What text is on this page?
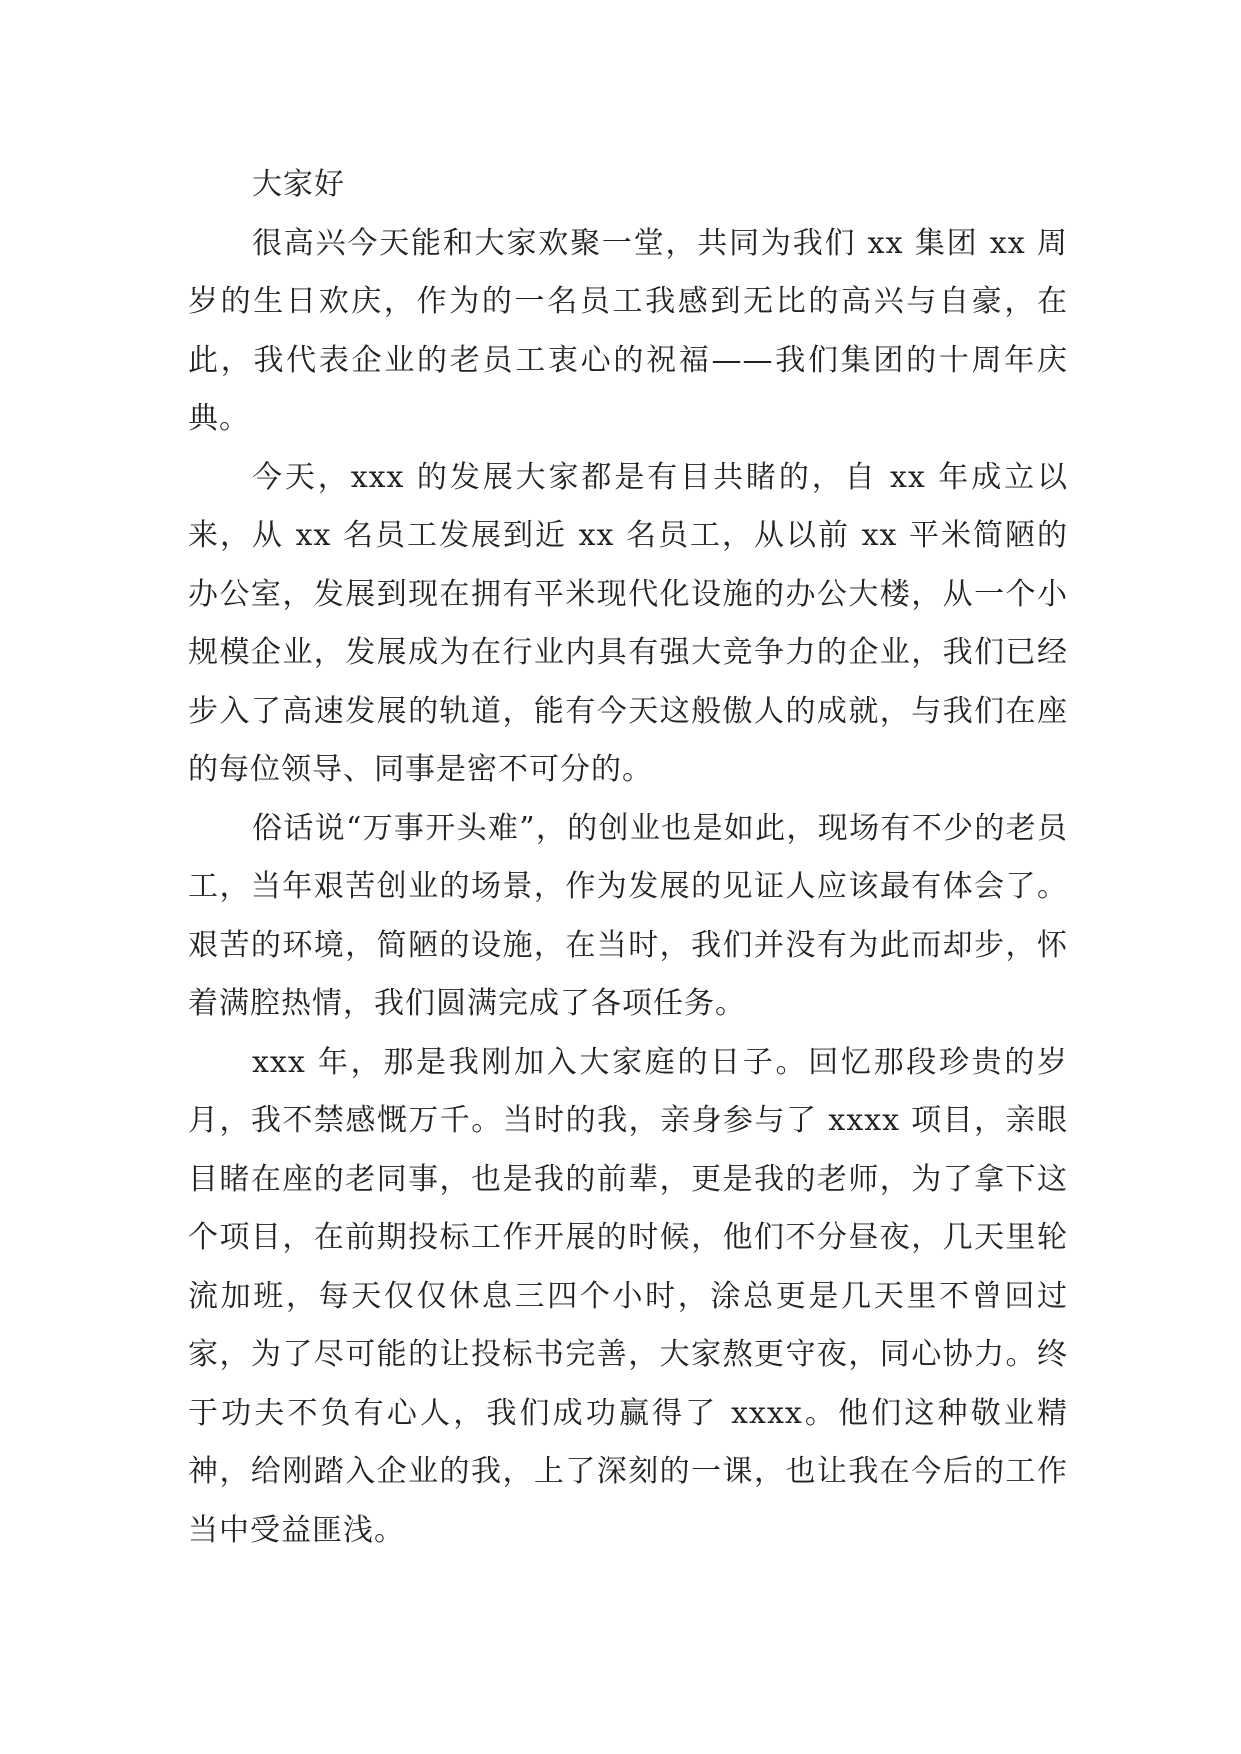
大家好

很高兴今天能和大家欢聚一堂，共同为我们 xx 集团 xx 周岁的生日欢庆，作为的一名员工我感到无比的高兴与自豪，在此，我代表企业的老员工衷心的祝福——我们集团的十周年庆典。

今天，xxx 的发展大家都是有目共睹的，自 xx 年成立以来，从 xx 名员工发展到近 xx 名员工，从以前 xx 平米简陋的办公室，发展到现在拥有平米现代化设施的办公大楼，从一个小规模企业，发展成为在行业内具有强大竞争力的企业，我们已经步入了高速发展的轨道，能有今天这般傲人的成就，与我们在座的每位领导、同事是密不可分的。

俗话说“万事开头难”，的创业也是如此，现场有不少的老员工，当年艰苦创业的场景，作为发展的见证人应该最有体会了。艰苦的环境，简陋的设施，在当时，我们并没有为此而却步，怀着满腔热情，我们圆满完成了各项任务。

xxx 年，那是我刚加入大家庭的日子。回忆那段珍贵的岁月，我不禁感慨万千。当时的我，亲身参与了 xxxx 项目，亲眼目睹在座的老同事，也是我的前辈，更是我的老师，为了拿下这个项目，在前期投标工作开展的时候，他们不分昼夜，几天里轮流加班，每天仅仅休息三四个小时，涂总更是几天里不曾回过家，为了尽可能的让投标书完善，大家熬更守夜，同心协力。终于功夫不负有心人，我们成功赢得了 xxxx。他们这种敬业精神，给刚踏入企业的我，上了深刻的一课，也让我在今后的工作当中受益匪浅。
